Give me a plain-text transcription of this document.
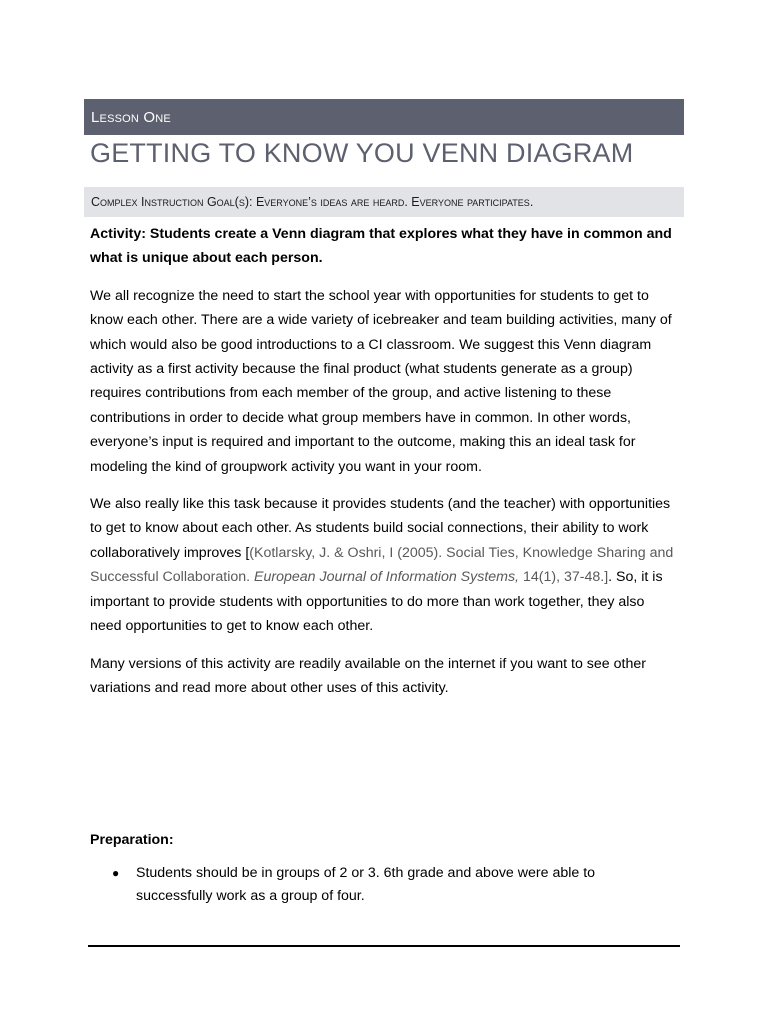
Lesson One
GETTING TO KNOW YOU VENN DIAGRAM
Complex Instruction Goal(s): Everyone’s ideas are heard. Everyone participates.

Activity: Students create a Venn diagram that explores what they have in common and what is unique about each person.

We all recognize the need to start the school year with opportunities for students to get to know each other. There are a wide variety of icebreaker and team building activities, many of which would also be good introductions to a CI classroom. We suggest this Venn diagram activity as a first activity because the final product (what students generate as a group) requires contributions from each member of the group, and active listening to these contributions in order to decide what group members have in common. In other words, everyone’s input is required and important to the outcome, making this an ideal task for modeling the kind of groupwork activity you want in your room.

We also really like this task because it provides students (and the teacher) with opportunities to get to know about each other. As students build social connections, their ability to work collaboratively improves [(Kotlarsky, J. & Oshri, I (2005). Social Ties, Knowledge Sharing and Successful Collaboration. European Journal of Information Systems, 14(1), 37-48.]. So, it is important to provide students with opportunities to do more than work together, they also need opportunities to get to know each other.

Many versions of this activity are readily available on the internet if you want to see other variations and read more about other uses of this activity.

Preparation:
● Students should be in groups of 2 or 3. 6th grade and above were able to successfully work as a group of four.
